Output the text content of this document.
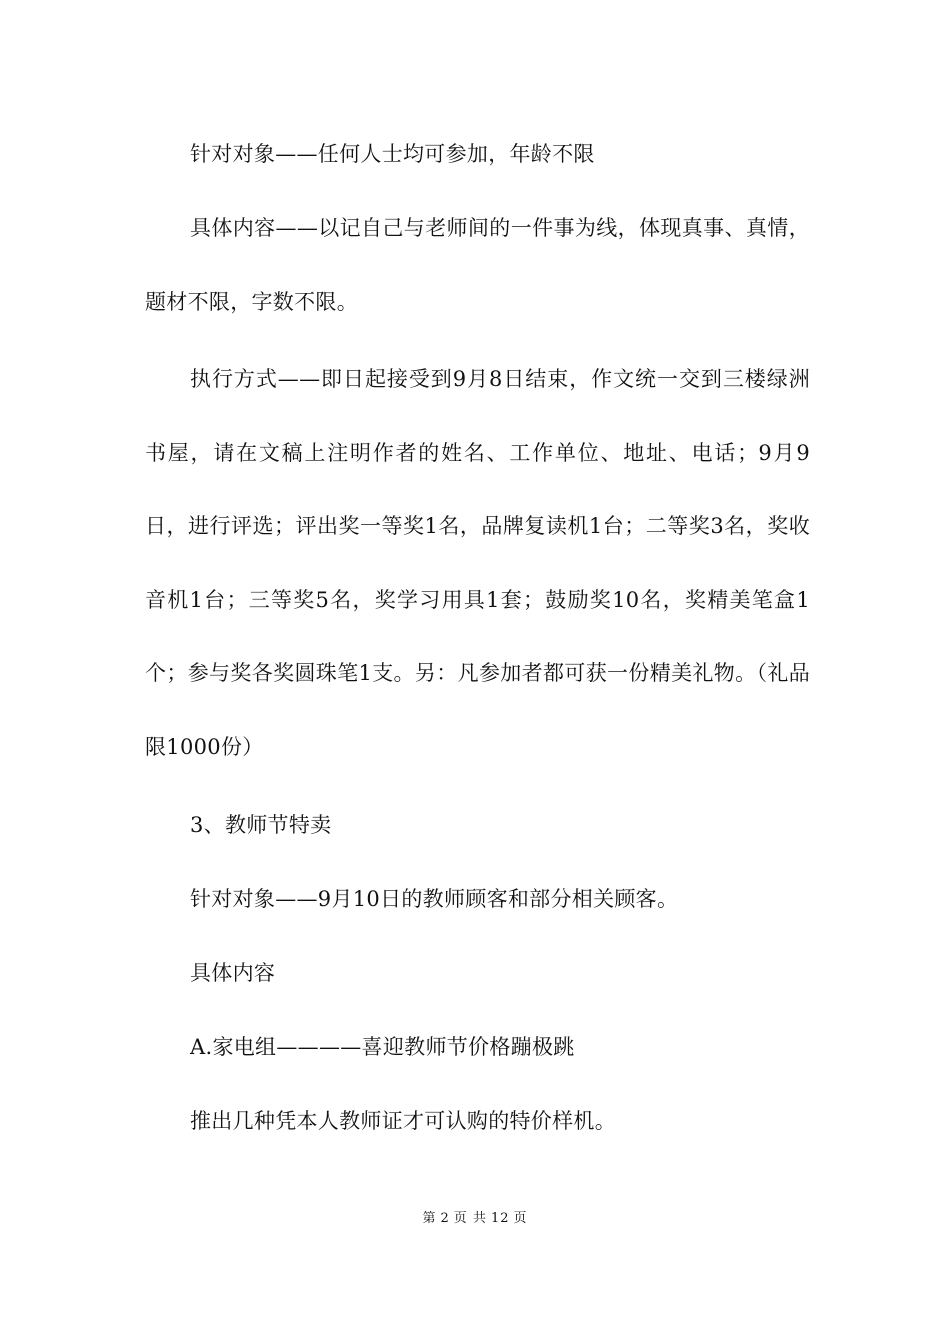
针对对象——任何人士均可参加，年龄不限

具体内容——以记自己与老师间的一件事为线，体现真事、真情，题材不限，字数不限。

执行方式——即日起接受到9月8日结束，作文统一交到三楼绿洲书屋，请在文稿上注明作者的姓名、工作单位、地址、电话；9月9日，进行评选；评出奖一等奖1名，品牌复读机1台；二等奖3名，奖收音机1台；三等奖5名，奖学习用具1套；鼓励奖10名，奖精美笔盒1个；参与奖各奖圆珠笔1支。另：凡参加者都可获一份精美礼物。（礼品限1000份）

3、教师节特卖

针对对象——9月10日的教师顾客和部分相关顾客。

具体内容

A.家电组————喜迎教师节价格蹦极跳

推出几种凭本人教师证才可认购的特价样机。

第 2 页 共 12 页
